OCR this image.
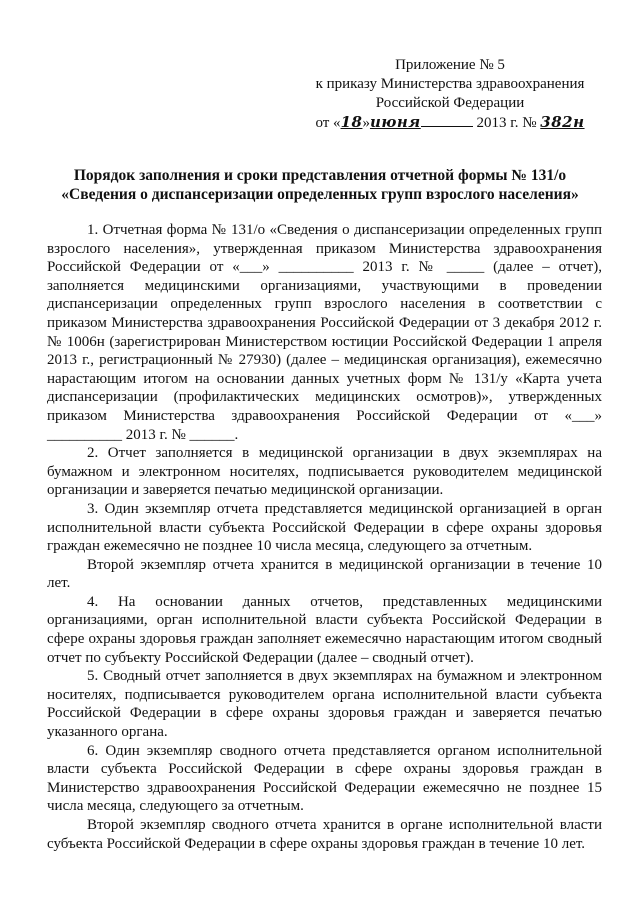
Приложение № 5
к приказу Министерства здравоохранения
Российской Федерации
от «18»июня	2013 г. № 382н
Порядок заполнения и сроки представления отчетной формы № 131/о
«Сведения о диспансеризации определенных групп взрослого населения»

1. Отчетная форма № 131/о «Сведения о диспансеризации определенных групп взрослого населения», утвержденная приказом Министерства здравоохранения Российской Федерации от «___» __________ 2013 г. № _____ (далее – отчет), заполняется медицинскими организациями, участвующими в проведении диспансеризации определенных групп взрослого населения в соответствии с приказом Министерства здравоохранения Российской Федерации от 3 декабря 2012 г. № 1006н (зарегистрирован Министерством юстиции Российской Федерации 1 апреля 2013 г., регистрационный № 27930) (далее – медицинская организация), ежемесячно нарастающим итогом на основании данных учетных форм № 131/у «Карта учета диспансеризации (профилактических медицинских осмотров)», утвержденных приказом Министерства здравоохранения Российской Федерации от «___» __________ 2013 г. № ______.

2. Отчет заполняется в медицинской организации в двух экземплярах на бумажном и электронном носителях, подписывается руководителем медицинской организации и заверяется печатью медицинской организации.

3. Один экземпляр отчета представляется медицинской организацией в орган исполнительной власти субъекта Российской Федерации в сфере охраны здоровья граждан ежемесячно не позднее 10 числа месяца, следующего за отчетным.

Второй экземпляр отчета хранится в медицинской организации в течение 10 лет.

4. На основании данных отчетов, представленных медицинскими организациями, орган исполнительной власти субъекта Российской Федерации в сфере охраны здоровья граждан заполняет ежемесячно нарастающим итогом сводный отчет по субъекту Российской Федерации (далее – сводный отчет).

5. Сводный отчет заполняется в двух экземплярах на бумажном и электронном носителях, подписывается руководителем органа исполнительной власти субъекта Российской Федерации в сфере охраны здоровья граждан и заверяется печатью указанного органа.

6. Один экземпляр сводного отчета представляется органом исполнительной власти субъекта Российской Федерации в сфере охраны здоровья граждан в Министерство здравоохранения Российской Федерации ежемесячно не позднее 15 числа месяца, следующего за отчетным.

Второй экземпляр сводного отчета хранится в органе исполнительной власти субъекта Российской Федерации в сфере охраны здоровья граждан в течение 10 лет.
